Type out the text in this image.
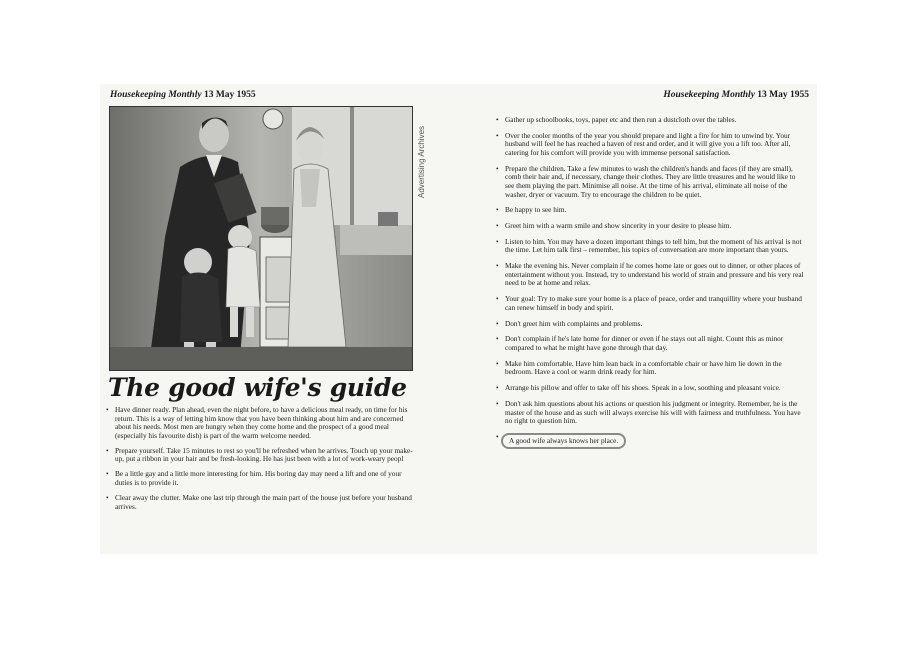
Housekeeping Monthly 13 May 1955
Advertising Archives
The good wife's guide
• Have dinner ready. Plan ahead, even the night before, to have a delicious meal ready, on time for his return. This is a way of letting him know that you have been thinking about him and are concerned about his needs. Most men are hungry when they come home and the prospect of a good meal (especially his favourite dish) is part of the warm welcome needed.
• Prepare yourself. Take 15 minutes to rest so you'll be refreshed when he arrives. Touch up your make-up, put a ribbon in your hair and be fresh-looking. He has just been with a lot of work-weary peopl
• Be a little gay and a little more interesting for him. His boring day may need a lift and one of your duties is to provide it.
• Clear away the clutter. Make one last trip through the main part of the house just before your husband arrives.
Housekeeping Monthly 13 May 1955
• Gather up schoolbooks, toys, paper etc and then run a dustcloth over the tables.
• Over the cooler months of the year you should prepare and light a fire for him to unwind by. Your husband will feel he has reached a haven of rest and order, and it will give you a lift too. After all, catering for his comfort will provide you with immense personal satisfaction.
• Prepare the children. Take a few minutes to wash the children's hands and faces (if they are small), comb their hair and, if necessary, change their clothes. They are little treasures and he would like to see them playing the part. Minimise all noise. At the time of his arrival, eliminate all noise of the washer, dryer or vacuum. Try to encourage the children to be quiet.
• Be happy to see him.
• Greet him with a warm smile and show sincerity in your desire to please him.
• Listen to him. You may have a dozen important things to tell him, but the moment of his arrival is not the time. Let him talk first – remember, his topics of conversation are more important than yours.
• Make the evening his. Never complain if he comes home late or goes out to dinner, or other places of entertainment without you. Instead, try to understand his world of strain and pressure and his very real need to be at home and relax.
• Your goal: Try to make sure your home is a place of peace, order and tranquillity where your husband can renew himself in body and spirit.
• Don't greet him with complaints and problems.
• Don't complain if he's late home for dinner or even if he stays out all night. Count this as minor compared to what he might have gone through that day.
• Make him comfortable. Have him lean back in a comfortable chair or have him lie down in the bedroom. Have a cool or warm drink ready for him.
• Arrange his pillow and offer to take off his shoes. Speak in a low, soothing and pleasant voice.
• Don't ask him questions about his actions or question his judgment or integrity. Remember, he is the master of the house and as such will always exercise his will with fairness and truthfulness. You have no right to question him.
• A good wife always knows her place.
